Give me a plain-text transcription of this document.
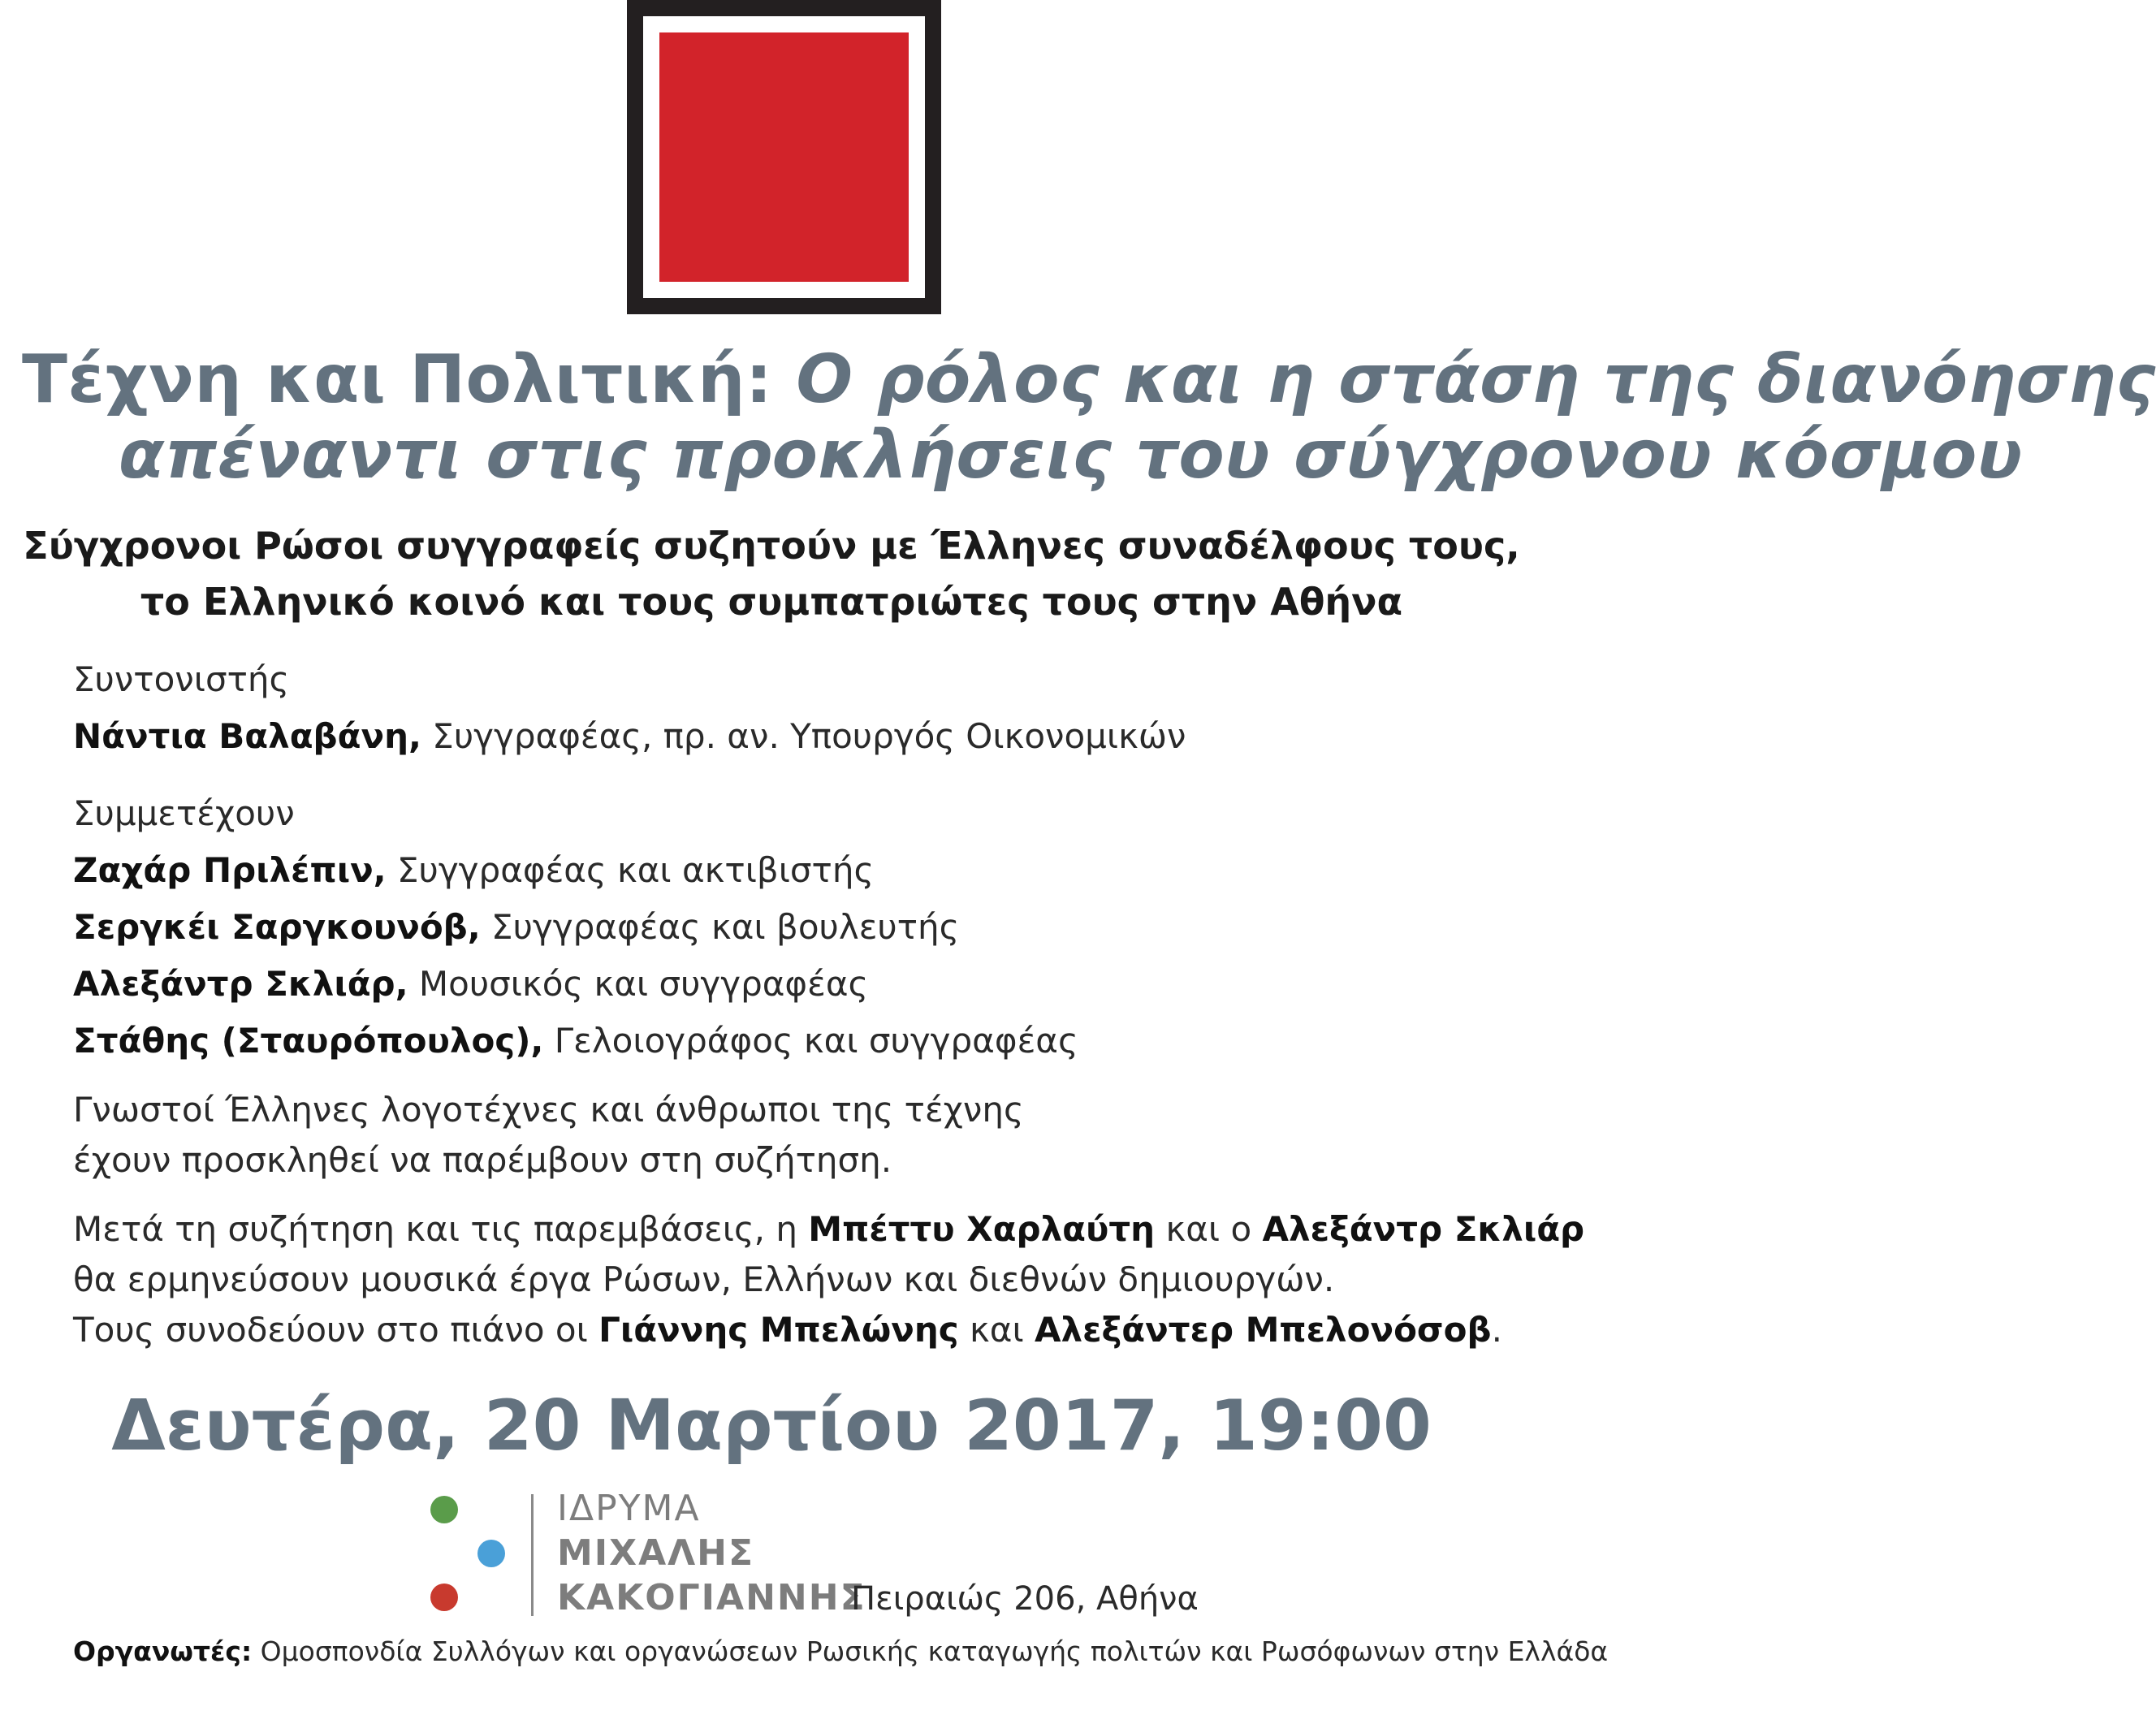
Τέχνη και Πολιτική: Ο ρόλος και η στάση της διανόησης
απέναντι στις προκλήσεις του σύγχρονου κόσμου
Σύγχρονοι Ρώσοι συγγραφείς συζητούν με Έλληνες συναδέλφους τους,
το Ελληνικό κοινό και τους συμπατριώτες τους στην Αθήνα
Συντονιστής
Νάντια Βαλαβάνη, Συγγραφέας, πρ. αν. Υπουργός Οικονομικών
Συμμετέχουν
Ζαχάρ Πριλέπιν, Συγγραφέας και ακτιβιστής
Σεργκέι Σαργκουνόβ, Συγγραφέας και βουλευτής
Αλεξάντρ Σκλιάρ, Μουσικός και συγγραφέας
Στάθης (Σταυρόπουλος), Γελοιογράφος και συγγραφέας
Γνωστοί Έλληνες λογοτέχνες και άνθρωποι της τέχνης
έχουν προσκληθεί να παρέμβουν στη συζήτηση.
Μετά τη συζήτηση και τις παρεμβάσεις, η Μπέττυ Χαρλαύτη και ο Αλεξάντρ Σκλιάρ
θα ερμηνεύσουν μουσικά έργα Ρώσων, Ελλήνων και διεθνών δημιουργών.
Τους συνοδεύουν στο πιάνο οι Γιάννης Μπελώνης και Αλεξάντερ Μπελονόσοβ.
Δευτέρα, 20 Μαρτίου 2017, 19:00
ΙΔΡΥΜΑ
ΜΙΧΑΛΗΣ
ΚΑΚΟΓΙΑΝΝΗΣ
Πειραιώς 206, Αθήνα
Οργανωτές: Ομοσπονδία Συλλόγων και οργανώσεων Ρωσικής καταγωγής πολιτών και Ρωσόφωνων στην Ελλάδα
